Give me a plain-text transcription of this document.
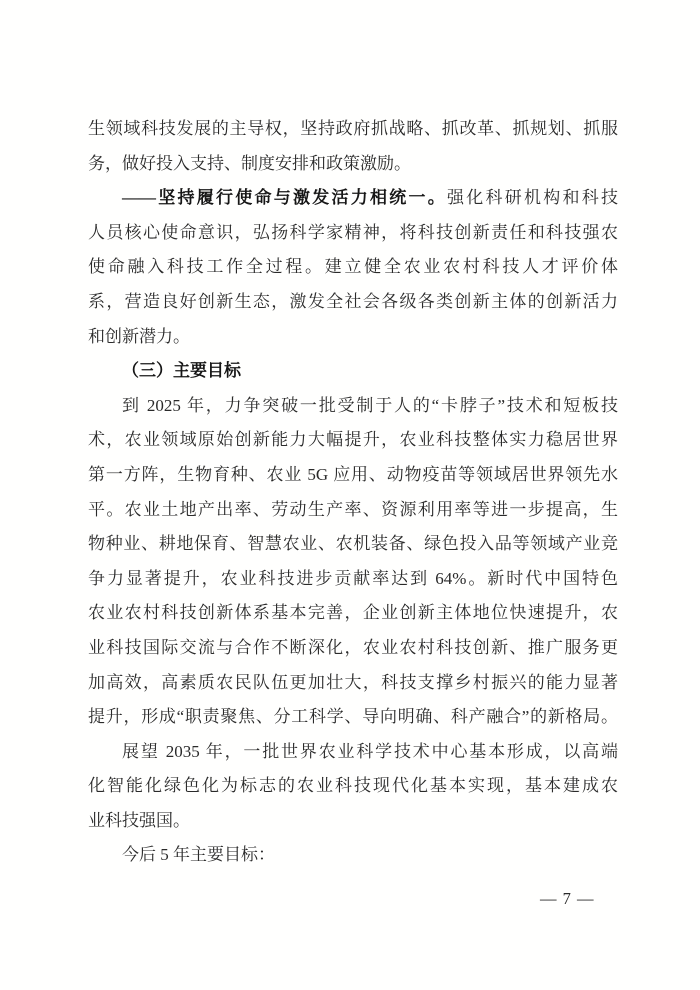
生领域科技发展的主导权，坚持政府抓战略、抓改革、抓规划、抓服
务，做好投入支持、制度安排和政策激励。
——坚持履行使命与激发活力相统一。强化科研机构和科技
人员核心使命意识，弘扬科学家精神，将科技创新责任和科技强农
使命融入科技工作全过程。建立健全农业农村科技人才评价体
系，营造良好创新生态，激发全社会各级各类创新主体的创新活力
和创新潜力。
（三）主要目标
到 2025 年，力争突破一批受制于人的“卡脖子”技术和短板技
术，农业领域原始创新能力大幅提升，农业科技整体实力稳居世界
第一方阵，生物育种、农业 5G 应用、动物疫苗等领域居世界领先水
平。农业土地产出率、劳动生产率、资源利用率等进一步提高，生
物种业、耕地保育、智慧农业、农机装备、绿色投入品等领域产业竞
争力显著提升，农业科技进步贡献率达到 64%。新时代中国特色
农业农村科技创新体系基本完善，企业创新主体地位快速提升，农
业科技国际交流与合作不断深化，农业农村科技创新、推广服务更
加高效，高素质农民队伍更加壮大，科技支撑乡村振兴的能力显著
提升，形成“职责聚焦、分工科学、导向明确、科产融合”的新格局。
展望 2035 年，一批世界农业科学技术中心基本形成，以高端
化智能化绿色化为标志的农业科技现代化基本实现，基本建成农
业科技强国。
今后 5 年主要目标：
— 7 —
